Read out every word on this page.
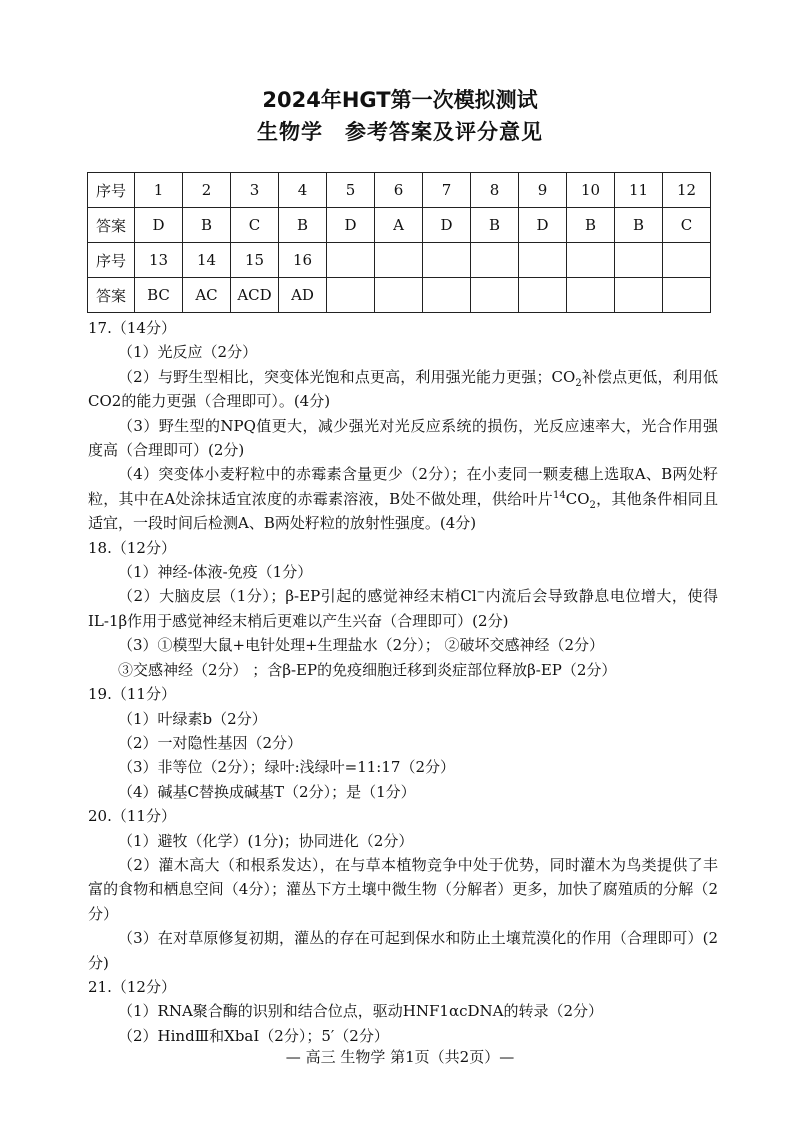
2024年HGT第一次模拟测试
生物学 参考答案及评分意见
序号	1	2	3	4	5	6	7	8	9	10	11	12
答案	D	B	C	B	D	A	D	B	D	B	B	C
序号	13	14	15	16								
答案	BC	AC	ACD	AD								
17.（14分）
（1）光反应（2分）
（2）与野生型相比，突变体光饱和点更高，利用强光能力更强；$CO_2$补偿点更低，利用低CO2的能力更强（合理即可）。(4分)
（3）野生型的NPQ值更大，减少强光对光反应系统的损伤，光反应速率大，光合作用强度高（合理即可）(2分)
（4）突变体小麦籽粒中的赤霉素含量更少（2分）；在小麦同一颗麦穗上选取A、B两处籽粒，其中在A处涂抹适宜浓度的赤霉素溶液，B处不做处理，供给叶片$^{14}CO_2$，其他条件相同且适宜，一段时间后检测A、B两处籽粒的放射性强度。(4分)
18.（12分）
（1）神经-体液-免疫（1分）
（2）大脑皮层（1分）；β-EP引起的感觉神经末梢Cl−内流后会导致静息电位增大，使得IL-1β作用于感觉神经末梢后更难以产生兴奋（合理即可）(2分)
（3）①模型大鼠+电针处理+生理盐水（2分）； ②破坏交感神经（2分）
③交感神经（2分） ；含β-EP的免疫细胞迁移到炎症部位释放β-EP（2分）
19.（11分）
（1）叶绿素b（2分）
（2）一对隐性基因（2分）
（3）非等位（2分）；绿叶:浅绿叶=11:17（2分）
（4）碱基C替换成碱基T（2分）；是（1分）
20.（11分）
（1）避牧（化学）(1分)；协同进化（2分）
（2）灌木高大（和根系发达），在与草本植物竞争中处于优势，同时灌木为鸟类提供了丰富的食物和栖息空间（4分）；灌丛下方土壤中微生物（分解者）更多，加快了腐殖质的分解（2分）
（3）在对草原修复初期，灌丛的存在可起到保水和防止土壤荒漠化的作用（合理即可）(2分)
21.（12分）
（1）RNA聚合酶的识别和结合位点，驱动HNF1αcDNA的转录（2分）
（2）HindⅢ和XbaⅠ（2分）；5′（2分）
— 高三 生物学 第1页（共2页）—
